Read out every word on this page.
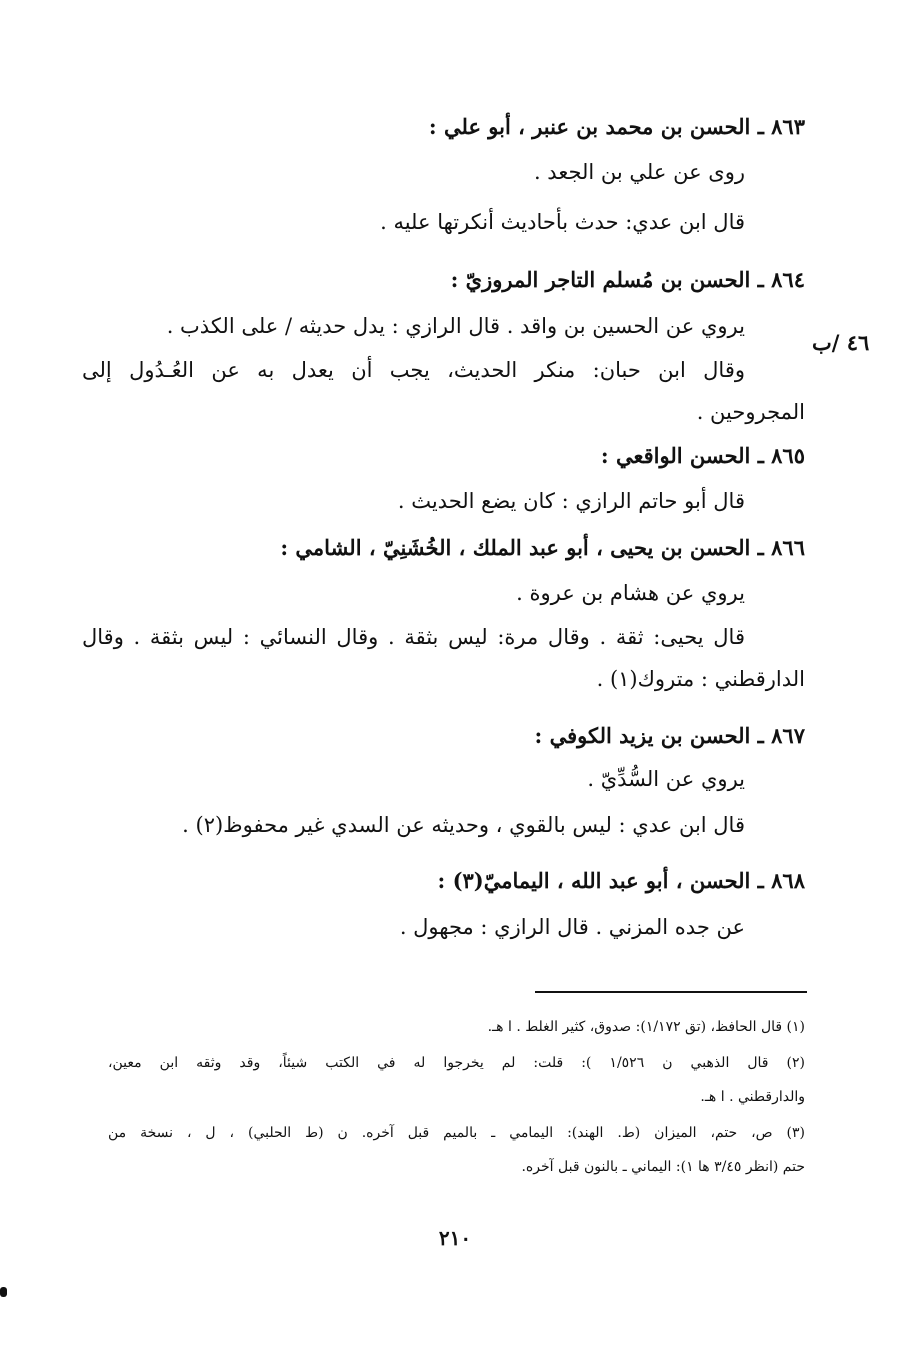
٤٦ /ب
٨٦٣ ـ الحسن بن محمد بن عنبر ، أبو علي :
روى عن علي بن الجعد .
قال ابن عدي: حدث بأحاديث أنكرتها عليه .
٨٦٤ ـ الحسن بن مُسلم التاجر المروزيّ :
يروي عن الحسين بن واقد . قال الرازي : يدل حديثه / على الكذب .
وقال ابن حبان: منكر الحديث، يجب أن يعدل به عن العُـدُول إلى
المجروحين .
٨٦٥ ـ الحسن الواقعي :
قال أبو حاتم الرازي : كان يضع الحديث .
٨٦٦ ـ الحسن بن يحيى ، أبو عبد الملك ، الخُشَنِيّ ، الشامي :
يروي عن هشام بن عروة .
قال يحيى: ثقة . وقال مرة: ليس بثقة . وقال النسائي : ليس بثقة . وقال
الدارقطني : متروك(١) .
٨٦٧ ـ الحسن بن يزيد الكوفي :
يروي عن السُّدِّيّ .
قال ابن عدي : ليس بالقوي ، وحديثه عن السدي غير محفوظ(٢) .
٨٦٨ ـ الحسن ، أبو عبد الله ، اليماميّ(٣) :
عن جده المزني . قال الرازي : مجهول .
(١) قال الحافظ، (تق ١/١٧٢): صدوق، كثير الغلط . ا هـ.
(٢) قال الذهبي ن ١/٥٢٦ ): قلت: لم يخرجوا له في الكتب شيئاً، وقد وثقه ابن معين،
والدارقطني . ا هـ.
(٣) ص، حتم، الميزان (ط. الهند): اليمامي ـ بالميم قبل آخره. ن (ط الحلبي) ، ل ، نسخة من
حتم (انظر ٣/٤٥ ها ١): اليماني ـ بالنون قبل آخره.
٢١٠
